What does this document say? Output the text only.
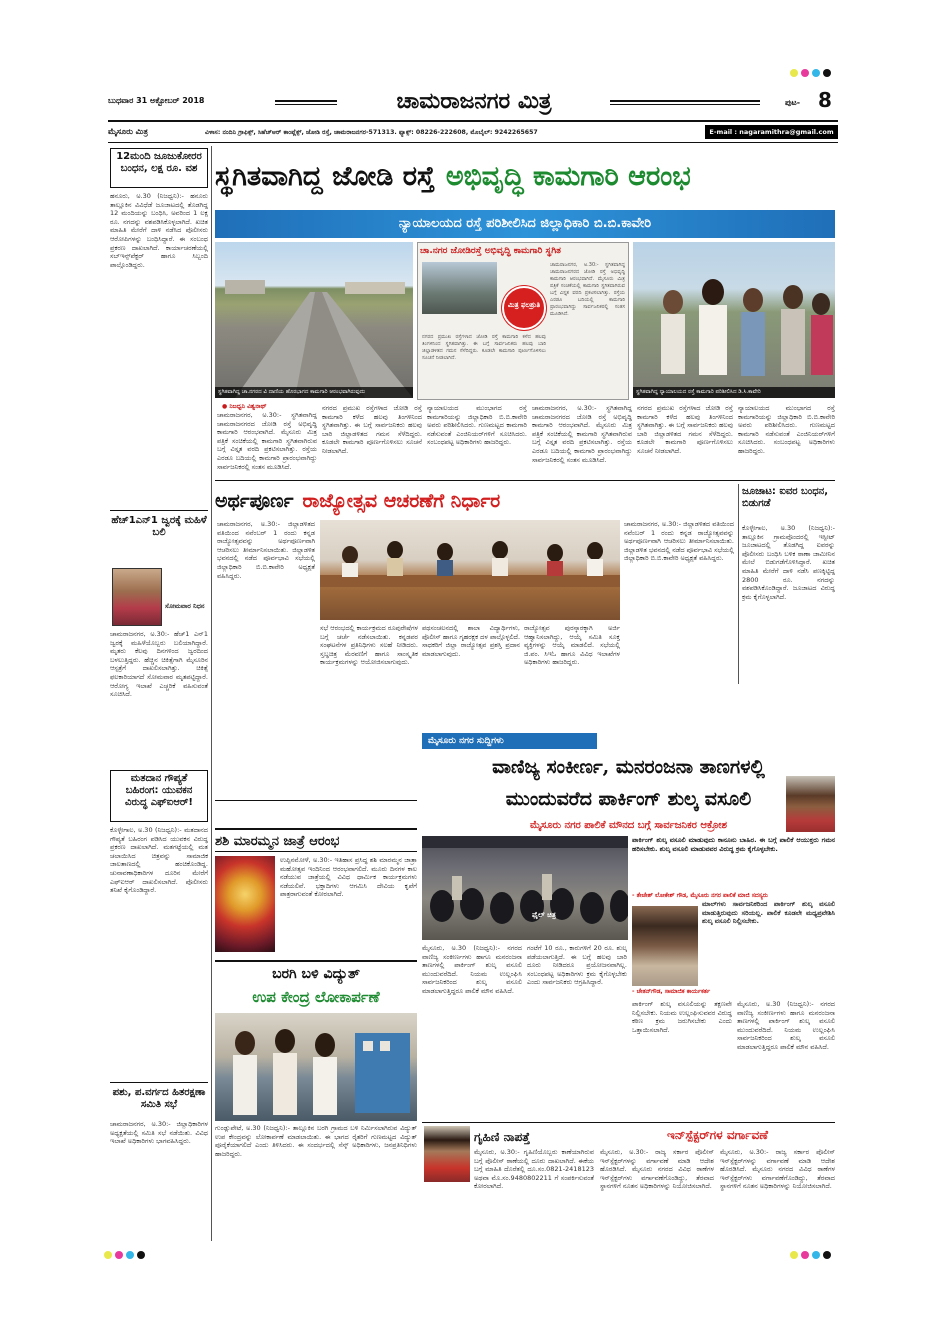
ಬುಧವಾರ 31 ಅಕ್ಟೋಬರ್ 2018	ಚಾಮರಾಜನಗರ ಮಿತ್ರ	ಪುಟ- 8
ಮೈಸೂರು ಮಿತ್ರ	ವಿಳಾಸ: ನಂದಿನಿ ಗ್ರಾಫಿಕ್ಸ್, ಸಿಹೆಚ್‌ಆರ್ ಕಾಂಪ್ಲೆಕ್ಸ್, ಜೋಡಿ ರಸ್ತೆ, ಚಾಮರಾಜನಗರ-571313. ಫ್ಯಾಕ್ಸ್: 08226-222608, ಮೊಬೈಲ್: 9242265657	E-mail : nagaramithra@gmail.com
12ಮಂದಿ ಜೂಜುಕೋರರ ಬಂಧನ, ಲಕ್ಷ ರೂ. ವಶ
ಹನೂರು, ಅ.30 (ನಿಜಧ್ವನಿ):- ಹನೂರು ತಾಲ್ಲೂಕಿನ ವಿವಿಧೆಡೆ ಜೂಜಾಟದಲ್ಲಿ ತೊಡಗಿದ್ದ 12 ಮಂದಿಯನ್ನು ಬಂಧಿಸಿ, ಅವರಿಂದ 1 ಲಕ್ಷ ರೂ. ನಗದನ್ನು ವಶಪಡಿಸಿಕೊಳ್ಳಲಾಗಿದೆ. ಖಚಿತ ಮಾಹಿತಿ ಮೇರೆಗೆ ದಾಳಿ ನಡೆಸಿದ ಪೊಲೀಸರು ಆರೋಪಿಗಳನ್ನು ಬಂಧಿಸಿದ್ದಾರೆ. ಈ ಸಂಬಂಧ ಪ್ರಕರಣ ದಾಖಲಾಗಿದೆ. ಕಾರ್ಯಾಚರಣೆಯಲ್ಲಿ ಸಬ್‌ಇನ್ಸ್‌ಪೆಕ್ಟರ್ ಹಾಗೂ ಸಿಬ್ಬಂದಿ ಪಾಲ್ಗೊಂಡಿದ್ದರು.
ಹೆಚ್1ಎನ್1 ಜ್ವರಕ್ಕೆ ಮಹಿಳೆ ಬಲಿ
ಸೋಮವಾರ ನಿಧನ
ಚಾಮರಾಜನಗರ, ಅ.30:- ಹೆಚ್1 ಎನ್1 ಜ್ವರಕ್ಕೆ ಮಹಿಳೆಯೊಬ್ಬರು ಬಲಿಯಾಗಿದ್ದಾರೆ. ಮೃತರು ಕೆಲವು ದಿನಗಳಿಂದ ಜ್ವರದಿಂದ ಬಳಲುತ್ತಿದ್ದರು. ಹೆಚ್ಚಿನ ಚಿಕಿತ್ಸೆಗಾಗಿ ಮೈಸೂರಿನ ಆಸ್ಪತ್ರೆಗೆ ದಾಖಲಿಸಲಾಗಿತ್ತು. ಚಿಕಿತ್ಸೆ ಫಲಕಾರಿಯಾಗದೆ ಸೋಮವಾರ ಮೃತಪಟ್ಟಿದ್ದಾರೆ. ಆರೋಗ್ಯ ಇಲಾಖೆ ಎಚ್ಚರಿಕೆ ವಹಿಸುವಂತೆ ಸೂಚಿಸಿದೆ.
ಮತದಾನ ಗೌಪ್ಯತೆ ಬಹಿರಂಗ: ಯುವಕನ ವಿರುದ್ಧ ಎಫ್‌ಐಆರ್!
ಕೊಳ್ಳೇಗಾಲ, ಅ.30 (ನಿಜಧ್ವನಿ):- ಮತದಾನದ ಗೌಪ್ಯತೆ ಬಹಿರಂಗ ಪಡಿಸಿದ ಯುವಕನ ವಿರುದ್ಧ ಪ್ರಕರಣ ದಾಖಲಾಗಿದೆ. ಮತಗಟ್ಟೆಯಲ್ಲಿ ಮತ ಚಲಾಯಿಸಿದ ಚಿತ್ರವನ್ನು ಸಾಮಾಜಿಕ ಜಾಲತಾಣದಲ್ಲಿ ಹಂಚಿಕೊಂಡಿದ್ದ. ಚುನಾವಣಾಧಿಕಾರಿಗಳ ದೂರಿನ ಮೇರೆಗೆ ಎಫ್‌ಐಆರ್ ದಾಖಲಿಸಲಾಗಿದೆ. ಪೊಲೀಸರು ತನಿಖೆ ಕೈಗೊಂಡಿದ್ದಾರೆ.
ಪಶು, ಪ.ವರ್ಗದ ಹಿತರಕ್ಷಣಾ ಸಮಿತಿ ಸಭೆ
ಚಾಮರಾಜನಗರ, ಅ.30:- ಜಿಲ್ಲಾಧಿಕಾರಿಗಳ ಅಧ್ಯಕ್ಷತೆಯಲ್ಲಿ ಸಮಿತಿ ಸಭೆ ನಡೆಯಿತು. ವಿವಿಧ ಇಲಾಖೆ ಅಧಿಕಾರಿಗಳು ಭಾಗವಹಿಸಿದ್ದರು.
ಸ್ಥಗಿತವಾಗಿದ್ದ ಜೋಡಿ ರಸ್ತೆ ಅಭಿವೃದ್ಧಿ ಕಾಮಗಾರಿ ಆರಂಭ
ನ್ಯಾಯಾಲಯದ ರಸ್ತೆ ಪರಿಶೀಲಿಸಿದ ಜಿಲ್ಲಾಧಿಕಾರಿ ಬಿ.ಬಿ.ಕಾವೇರಿ
ಸ್ಥಗಿತವಾಗಿದ್ದ ಚಾ.ನಗರದ ವಿ ದಾಣಿಯ ಹೊರಭಾಗದ ಕಾಮಗಾರಿ ಆರಂಭವಾಗಿರುವುದು
ಚಾ.ನಗರ ಜೋಡಿರಸ್ತೆ ಅಭಿವೃದ್ಧಿ ಕಾಮಗಾರಿ ಸ್ಥಗಿತ
ಮಿತ್ರ ಫಲಶ್ರುತಿ
ಚಾಮರಾಜನಗರ, ಅ.30:- ಸ್ಥಗಿತವಾಗಿದ್ದ ಚಾಮರಾಜನಗರದ ಜೋಡಿ ರಸ್ತೆ ಅಭಿವೃದ್ಧಿ ಕಾಮಗಾರಿ ಆರಂಭವಾಗಿದೆ. ಮೈಸೂರು ಮಿತ್ರ ಪತ್ರಿಕೆ ಸಂಚಿಕೆಯಲ್ಲಿ ಕಾಮಗಾರಿ ಸ್ಥಗಿತವಾಗಿರುವ ಬಗ್ಗೆ ವಿಸ್ತೃತ ವರದಿ ಪ್ರಕಟಿಸಲಾಗಿತ್ತು. ರಸ್ತೆಯ ಎರಡೂ ಬದಿಯಲ್ಲಿ ಕಾಮಗಾರಿ ಪ್ರಾರಂಭವಾಗಿದ್ದು ಸಾರ್ವಜನಿಕರಲ್ಲಿ ಸಂತಸ ಮೂಡಿಸಿದೆ.
ನಗರದ ಪ್ರಮುಖ ರಸ್ತೆಗಳಾದ ಜೋಡಿ ರಸ್ತೆ ಕಾಮಗಾರಿ ಕಳೆದ ಹಲವು ತಿಂಗಳಿನಿಂದ ಸ್ಥಗಿತವಾಗಿತ್ತು. ಈ ಬಗ್ಗೆ ಸಾರ್ವಜನಿಕರು ಹಲವು ಬಾರಿ ಜಿಲ್ಲಾಡಳಿತದ ಗಮನ ಸೆಳೆದಿದ್ದರು. ಕೂಡಲೇ ಕಾಮಗಾರಿ ಪೂರ್ಣಗೊಳಿಸಲು ಸೂಚನೆ ನೀಡಲಾಗಿದೆ.
ಸ್ಥಗಿತವಾಗಿದ್ದ ನ್ಯಾಯಾಲಯದ ರಸ್ತೆ ಕಾಮಗಾರಿ ಪರಿಶೀಲಿಸಿದ ಡಿ.ಸಿ.ಕಾವೇರಿ
● ನಿಜಧ್ವನಿ ವಿಶ್ವನಾಥ್
ಚಾಮರಾಜನಗರ, ಅ.30:- ಸ್ಥಗಿತವಾಗಿದ್ದ ಚಾಮರಾಜನಗರದ ಜೋಡಿ ರಸ್ತೆ ಅಭಿವೃದ್ಧಿ ಕಾಮಗಾರಿ ಆರಂಭವಾಗಿದೆ. ಮೈಸೂರು ಮಿತ್ರ ಪತ್ರಿಕೆ ಸಂಚಿಕೆಯಲ್ಲಿ ಕಾಮಗಾರಿ ಸ್ಥಗಿತವಾಗಿರುವ ಬಗ್ಗೆ ವಿಸ್ತೃತ ವರದಿ ಪ್ರಕಟಿಸಲಾಗಿತ್ತು. ರಸ್ತೆಯ ಎರಡೂ ಬದಿಯಲ್ಲಿ ಕಾಮಗಾರಿ ಪ್ರಾರಂಭವಾಗಿದ್ದು ಸಾರ್ವಜನಿಕರಲ್ಲಿ ಸಂತಸ ಮೂಡಿಸಿದೆ.
ನಗರದ ಪ್ರಮುಖ ರಸ್ತೆಗಳಾದ ಜೋಡಿ ರಸ್ತೆ ಕಾಮಗಾರಿ ಕಳೆದ ಹಲವು ತಿಂಗಳಿನಿಂದ ಸ್ಥಗಿತವಾಗಿತ್ತು. ಈ ಬಗ್ಗೆ ಸಾರ್ವಜನಿಕರು ಹಲವು ಬಾರಿ ಜಿಲ್ಲಾಡಳಿತದ ಗಮನ ಸೆಳೆದಿದ್ದರು. ಕೂಡಲೇ ಕಾಮಗಾರಿ ಪೂರ್ಣಗೊಳಿಸಲು ಸೂಚನೆ ನೀಡಲಾಗಿದೆ.
ನ್ಯಾಯಾಲಯದ ಮುಂಭಾಗದ ರಸ್ತೆ ಕಾಮಗಾರಿಯನ್ನು ಜಿಲ್ಲಾಧಿಕಾರಿ ಬಿ.ಬಿ.ಕಾವೇರಿ ಅವರು ಪರಿಶೀಲಿಸಿದರು. ಗುಣಮಟ್ಟದ ಕಾಮಗಾರಿ ನಡೆಸುವಂತೆ ಎಂಜಿನಿಯರ್‌ಗಳಿಗೆ ಸೂಚಿಸಿದರು. ಸಂಬಂಧಪಟ್ಟ ಅಧಿಕಾರಿಗಳು ಹಾಜರಿದ್ದರು.
ಚಾಮರಾಜನಗರ, ಅ.30:- ಸ್ಥಗಿತವಾಗಿದ್ದ ಚಾಮರಾಜನಗರದ ಜೋಡಿ ರಸ್ತೆ ಅಭಿವೃದ್ಧಿ ಕಾಮಗಾರಿ ಆರಂಭವಾಗಿದೆ. ಮೈಸೂರು ಮಿತ್ರ ಪತ್ರಿಕೆ ಸಂಚಿಕೆಯಲ್ಲಿ ಕಾಮಗಾರಿ ಸ್ಥಗಿತವಾಗಿರುವ ಬಗ್ಗೆ ವಿಸ್ತೃತ ವರದಿ ಪ್ರಕಟಿಸಲಾಗಿತ್ತು. ರಸ್ತೆಯ ಎರಡೂ ಬದಿಯಲ್ಲಿ ಕಾಮಗಾರಿ ಪ್ರಾರಂಭವಾಗಿದ್ದು ಸಾರ್ವಜನಿಕರಲ್ಲಿ ಸಂತಸ ಮೂಡಿಸಿದೆ.
ನಗರದ ಪ್ರಮುಖ ರಸ್ತೆಗಳಾದ ಜೋಡಿ ರಸ್ತೆ ಕಾಮಗಾರಿ ಕಳೆದ ಹಲವು ತಿಂಗಳಿನಿಂದ ಸ್ಥಗಿತವಾಗಿತ್ತು. ಈ ಬಗ್ಗೆ ಸಾರ್ವಜನಿಕರು ಹಲವು ಬಾರಿ ಜಿಲ್ಲಾಡಳಿತದ ಗಮನ ಸೆಳೆದಿದ್ದರು. ಕೂಡಲೇ ಕಾಮಗಾರಿ ಪೂರ್ಣಗೊಳಿಸಲು ಸೂಚನೆ ನೀಡಲಾಗಿದೆ.
ನ್ಯಾಯಾಲಯದ ಮುಂಭಾಗದ ರಸ್ತೆ ಕಾಮಗಾರಿಯನ್ನು ಜಿಲ್ಲಾಧಿಕಾರಿ ಬಿ.ಬಿ.ಕಾವೇರಿ ಅವರು ಪರಿಶೀಲಿಸಿದರು. ಗುಣಮಟ್ಟದ ಕಾಮಗಾರಿ ನಡೆಸುವಂತೆ ಎಂಜಿನಿಯರ್‌ಗಳಿಗೆ ಸೂಚಿಸಿದರು. ಸಂಬಂಧಪಟ್ಟ ಅಧಿಕಾರಿಗಳು ಹಾಜರಿದ್ದರು.
ಅರ್ಥಪೂರ್ಣ ರಾಜ್ಯೋತ್ಸವ ಆಚರಣೆಗೆ ನಿರ್ಧಾರ
ಚಾಮರಾಜನಗರ, ಅ.30:- ಜಿಲ್ಲಾಡಳಿತದ ವತಿಯಿಂದ ನವೆಂಬರ್ 1 ರಂದು ಕನ್ನಡ ರಾಜ್ಯೋತ್ಸವವನ್ನು ಅರ್ಥಪೂರ್ಣವಾಗಿ ಆಚರಿಸಲು ತೀರ್ಮಾನಿಸಲಾಯಿತು. ಜಿಲ್ಲಾಡಳಿತ ಭವನದಲ್ಲಿ ನಡೆದ ಪೂರ್ವಭಾವಿ ಸಭೆಯಲ್ಲಿ ಜಿಲ್ಲಾಧಿಕಾರಿ ಬಿ.ಬಿ.ಕಾವೇರಿ ಅಧ್ಯಕ್ಷತೆ ವಹಿಸಿದ್ದರು.
ಸಭೆ ಆರಂಭದಲ್ಲಿ ಕಾರ್ಯಕ್ರಮದ ರೂಪುರೇಷೆಗಳ ಬಗ್ಗೆ ಚರ್ಚೆ ನಡೆಸಲಾಯಿತು. ಕನ್ನಡಪರ ಸಂಘಟನೆಗಳ ಪ್ರತಿನಿಧಿಗಳು ಸಲಹೆ ನೀಡಿದರು. ಸ್ತಬ್ಧಚಿತ್ರ ಮೆರವಣಿಗೆ ಹಾಗೂ ಸಾಂಸ್ಕೃತಿಕ ಕಾರ್ಯಕ್ರಮಗಳನ್ನು ಆಯೋಜಿಸಲಾಗುವುದು.
ಪಥಸಂಚಲನದಲ್ಲಿ ಶಾಲಾ ವಿದ್ಯಾರ್ಥಿಗಳು, ಪೊಲೀಸ್ ಹಾಗೂ ಗೃಹರಕ್ಷಕ ದಳ ಪಾಲ್ಗೊಳ್ಳಲಿದೆ. ಸಾಧಕರಿಗೆ ಜಿಲ್ಲಾ ರಾಜ್ಯೋತ್ಸವ ಪ್ರಶಸ್ತಿ ಪ್ರದಾನ ಮಾಡಲಾಗುವುದು.
ರಾಜ್ಯೋತ್ಸವ ಪುರಸ್ಕಾರಕ್ಕಾಗಿ ಅರ್ಜಿ ಆಹ್ವಾನಿಸಲಾಗಿದ್ದು, ಆಯ್ಕೆ ಸಮಿತಿ ಸೂಕ್ತ ವ್ಯಕ್ತಿಗಳನ್ನು ಆಯ್ಕೆ ಮಾಡಲಿದೆ. ಸಭೆಯಲ್ಲಿ ಜಿ.ಪಂ. ಸಿಇಓ ಹಾಗೂ ವಿವಿಧ ಇಲಾಖೆಗಳ ಅಧಿಕಾರಿಗಳು ಹಾಜರಿದ್ದರು.
ಚಾಮರಾಜನಗರ, ಅ.30:- ಜಿಲ್ಲಾಡಳಿತದ ವತಿಯಿಂದ ನವೆಂಬರ್ 1 ರಂದು ಕನ್ನಡ ರಾಜ್ಯೋತ್ಸವವನ್ನು ಅರ್ಥಪೂರ್ಣವಾಗಿ ಆಚರಿಸಲು ತೀರ್ಮಾನಿಸಲಾಯಿತು. ಜಿಲ್ಲಾಡಳಿತ ಭವನದಲ್ಲಿ ನಡೆದ ಪೂರ್ವಭಾವಿ ಸಭೆಯಲ್ಲಿ ಜಿಲ್ಲಾಧಿಕಾರಿ ಬಿ.ಬಿ.ಕಾವೇರಿ ಅಧ್ಯಕ್ಷತೆ ವಹಿಸಿದ್ದರು.
ಜೂಜಾಟ: ಐವರ ಬಂಧನ, ಬಿಡುಗಡೆ
ಕೊಳ್ಳೇಗಾಲ, ಅ.30 (ನಿಜಧ್ವನಿ):- ತಾಲ್ಲೂಕಿನ ಗ್ರಾಮವೊಂದರಲ್ಲಿ ಇಸ್ಪೀಟ್ ಜೂಜಾಟದಲ್ಲಿ ತೊಡಗಿದ್ದ ಐವರನ್ನು ಪೊಲೀಸರು ಬಂಧಿಸಿ ಬಳಿಕ ಠಾಣಾ ಜಾಮೀನಿನ ಮೇಲೆ ಬಿಡುಗಡೆಗೊಳಿಸಿದ್ದಾರೆ. ಖಚಿತ ಮಾಹಿತಿ ಮೇರೆಗೆ ದಾಳಿ ನಡೆಸಿ ಪಣಕ್ಕಿಟ್ಟಿದ್ದ 2800 ರೂ. ನಗದನ್ನು ವಶಪಡಿಸಿಕೊಂಡಿದ್ದಾರೆ. ಜೂಜಾಟದ ವಿರುದ್ಧ ಕ್ರಮ ಕೈಗೊಳ್ಳಲಾಗಿದೆ.
ಮೈಸೂರು ನಗರ ಸುದ್ದಿಗಳು
ವಾಣಿಜ್ಯ ಸಂಕೀರ್ಣ, ಮನರಂಜನಾ ತಾಣಗಳಲ್ಲಿ
ಮುಂದುವರೆದ ಪಾರ್ಕಿಂಗ್ ಶುಲ್ಕ ವಸೂಲಿ
ಮೈಸೂರು ನಗರ ಪಾಲಿಕೆ ಮೌನದ ಬಗ್ಗೆ ಸಾರ್ವಜನಿಕರ ಆಕ್ರೋಶ
ಫೈಲ್ ಚಿತ್ರ
ಪಾರ್ಕಿಂಗ್ ಶುಲ್ಕ ವಸೂಲಿ ಮಾಡುವುದು ಕಾನೂನು ಬಾಹಿರ. ಈ ಬಗ್ಗೆ ಪಾಲಿಕೆ ಆಯುಕ್ತರು ಗಮನ ಹರಿಸಬೇಕು. ಶುಲ್ಕ ವಸೂಲಿ ಮಾಡುವವರ ವಿರುದ್ಧ ಕ್ರಮ ಕೈಗೊಳ್ಳಬೇಕು.
- ತೇಜೇಶ್ ಲೋಕೇಶ್ ಗೌಡ, ಮೈಸೂರು ನಗರ ಪಾಲಿಕೆ ಮಾಜಿ ಸದಸ್ಯರು
ಮಾಲ್‌ಗಳು ಸಾರ್ವಜನಿಕರಿಂದ ಪಾರ್ಕಿಂಗ್ ಶುಲ್ಕ ವಸೂಲಿ ಮಾಡುತ್ತಿರುವುದು ಸರಿಯಲ್ಲ. ಪಾಲಿಕೆ ಕೂಡಲೇ ಮಧ್ಯಪ್ರವೇಶಿಸಿ ಶುಲ್ಕ ವಸೂಲಿ ನಿಲ್ಲಿಸಬೇಕು.
- ಚೇತನ್‌ಗೌಡ, ಸಾಮಾಜಿಕ ಕಾರ್ಯಕರ್ತ
ಮೈಸೂರು, ಅ.30 (ನಿಜಧ್ವನಿ):- ನಗರದ ವಾಣಿಜ್ಯ ಸಂಕೀರ್ಣಗಳು ಹಾಗೂ ಮನರಂಜನಾ ತಾಣಗಳಲ್ಲಿ ಪಾರ್ಕಿಂಗ್ ಶುಲ್ಕ ವಸೂಲಿ ಮುಂದುವರೆದಿದೆ. ನಿಯಮ ಉಲ್ಲಂಘಿಸಿ ಸಾರ್ವಜನಿಕರಿಂದ ಶುಲ್ಕ ವಸೂಲಿ ಮಾಡಲಾಗುತ್ತಿದ್ದರೂ ಪಾಲಿಕೆ ಮೌನ ವಹಿಸಿದೆ.
ಗಂಟೆಗೆ 10 ರೂ., ಕಾರುಗಳಿಗೆ 20 ರೂ. ಶುಲ್ಕ ಪಡೆಯಲಾಗುತ್ತಿದೆ. ಈ ಬಗ್ಗೆ ಹಲವು ಬಾರಿ ದೂರು ನೀಡಿದರೂ ಪ್ರಯೋಜನವಾಗಿಲ್ಲ. ಸಂಬಂಧಪಟ್ಟ ಅಧಿಕಾರಿಗಳು ಕ್ರಮ ಕೈಗೊಳ್ಳಬೇಕು ಎಂದು ಸಾರ್ವಜನಿಕರು ಆಗ್ರಹಿಸಿದ್ದಾರೆ.
ಪಾರ್ಕಿಂಗ್ ಶುಲ್ಕ ವಸೂಲಿಯನ್ನು ತಕ್ಷಣವೇ ನಿಲ್ಲಿಸಬೇಕು. ನಿಯಮ ಉಲ್ಲಂಘಿಸುವವರ ವಿರುದ್ಧ ಕಠಿಣ ಕ್ರಮ ಜರುಗಿಸಬೇಕು ಎಂದು ಒತ್ತಾಯಿಸಲಾಗಿದೆ.
ಮೈಸೂರು, ಅ.30 (ನಿಜಧ್ವನಿ):- ನಗರದ ವಾಣಿಜ್ಯ ಸಂಕೀರ್ಣಗಳು ಹಾಗೂ ಮನರಂಜನಾ ತಾಣಗಳಲ್ಲಿ ಪಾರ್ಕಿಂಗ್ ಶುಲ್ಕ ವಸೂಲಿ ಮುಂದುವರೆದಿದೆ. ನಿಯಮ ಉಲ್ಲಂಘಿಸಿ ಸಾರ್ವಜನಿಕರಿಂದ ಶುಲ್ಕ ವಸೂಲಿ ಮಾಡಲಾಗುತ್ತಿದ್ದರೂ ಪಾಲಿಕೆ ಮೌನ ವಹಿಸಿದೆ.
ಶಶಿ ಮಾರಮ್ಮನ ಜಾತ್ರೆ ಆರಂಭ
ಉಪ್ಪಿನಮೋಳೆ, ಅ.30:- ಇತಿಹಾಸ ಪ್ರಸಿದ್ಧ ಶಶಿ ಮಾರಮ್ಮನ ಜಾತ್ರಾ ಮಹೋತ್ಸವ ಇಂದಿನಿಂದ ಆರಂಭವಾಗಲಿದೆ. ಮೂರು ದಿನಗಳ ಕಾಲ ನಡೆಯುವ ಜಾತ್ರೆಯಲ್ಲಿ ವಿವಿಧ ಧಾರ್ಮಿಕ ಕಾರ್ಯಕ್ರಮಗಳು ನಡೆಯಲಿವೆ. ಭಕ್ತಾದಿಗಳು ಆಗಮಿಸಿ ದೇವಿಯ ಕೃಪೆಗೆ ಪಾತ್ರರಾಗುವಂತೆ ಕೋರಲಾಗಿದೆ.
ಬರಗಿ ಬಳಿ ವಿದ್ಯುತ್
ಉಪ ಕೇಂದ್ರ ಲೋಕಾರ್ಪಣೆ
ಗುಂಡ್ಲುಪೇಟೆ, ಅ.30 (ನಿಜಧ್ವನಿ):- ತಾಲ್ಲೂಕಿನ ಬರಗಿ ಗ್ರಾಮದ ಬಳಿ ನಿರ್ಮಿಸಲಾಗಿರುವ ವಿದ್ಯುತ್ ಉಪ ಕೇಂದ್ರವನ್ನು ಲೋಕಾರ್ಪಣೆ ಮಾಡಲಾಯಿತು. ಈ ಭಾಗದ ರೈತರಿಗೆ ಗುಣಮಟ್ಟದ ವಿದ್ಯುತ್ ಪೂರೈಕೆಯಾಗಲಿದೆ ಎಂದು ತಿಳಿಸಿದರು. ಈ ಸಂದರ್ಭದಲ್ಲಿ ಸೆಸ್ಕ್ ಅಧಿಕಾರಿಗಳು, ಜನಪ್ರತಿನಿಧಿಗಳು ಹಾಜರಿದ್ದರು.
ಗೃಹಿಣಿ ನಾಪತ್ತೆ
ಮೈಸೂರು, ಅ.30:- ಗೃಹಿಣಿಯೊಬ್ಬರು ಕಾಣೆಯಾಗಿರುವ ಬಗ್ಗೆ ಪೊಲೀಸ್ ಠಾಣೆಯಲ್ಲಿ ದೂರು ದಾಖಲಾಗಿದೆ. ಈಕೆಯ ಬಗ್ಗೆ ಮಾಹಿತಿ ದೊರೆತಲ್ಲಿ ದೂ.ಸಂ.0821-2418123 ಅಥವಾ ಮೊ.ಸಂ.9480802211 ಗೆ ಸಂಪರ್ಕಿಸುವಂತೆ ಕೋರಲಾಗಿದೆ.
ಇನ್‌ಸ್ಪೆಕ್ಟರ್‌ಗಳ ವರ್ಗಾವಣೆ
ಮೈಸೂರು, ಅ.30:- ರಾಜ್ಯ ಸರ್ಕಾರ ಪೊಲೀಸ್ ಇನ್‌ಸ್ಪೆಕ್ಟರ್‌ಗಳನ್ನು ವರ್ಗಾವಣೆ ಮಾಡಿ ಆದೇಶ ಹೊರಡಿಸಿದೆ. ಮೈಸೂರು ನಗರದ ವಿವಿಧ ಠಾಣೆಗಳ ಇನ್‌ಸ್ಪೆಕ್ಟರ್‌ಗಳು ವರ್ಗಾವಣೆಗೊಂಡಿದ್ದು, ತೆರವಾದ ಸ್ಥಾನಗಳಿಗೆ ನೂತನ ಅಧಿಕಾರಿಗಳನ್ನು ನಿಯೋಜಿಸಲಾಗಿದೆ.
ಮೈಸೂರು, ಅ.30:- ರಾಜ್ಯ ಸರ್ಕಾರ ಪೊಲೀಸ್ ಇನ್‌ಸ್ಪೆಕ್ಟರ್‌ಗಳನ್ನು ವರ್ಗಾವಣೆ ಮಾಡಿ ಆದೇಶ ಹೊರಡಿಸಿದೆ. ಮೈಸೂರು ನಗರದ ವಿವಿಧ ಠಾಣೆಗಳ ಇನ್‌ಸ್ಪೆಕ್ಟರ್‌ಗಳು ವರ್ಗಾವಣೆಗೊಂಡಿದ್ದು, ತೆರವಾದ ಸ್ಥಾನಗಳಿಗೆ ನೂತನ ಅಧಿಕಾರಿಗಳನ್ನು ನಿಯೋಜಿಸಲಾಗಿದೆ.
